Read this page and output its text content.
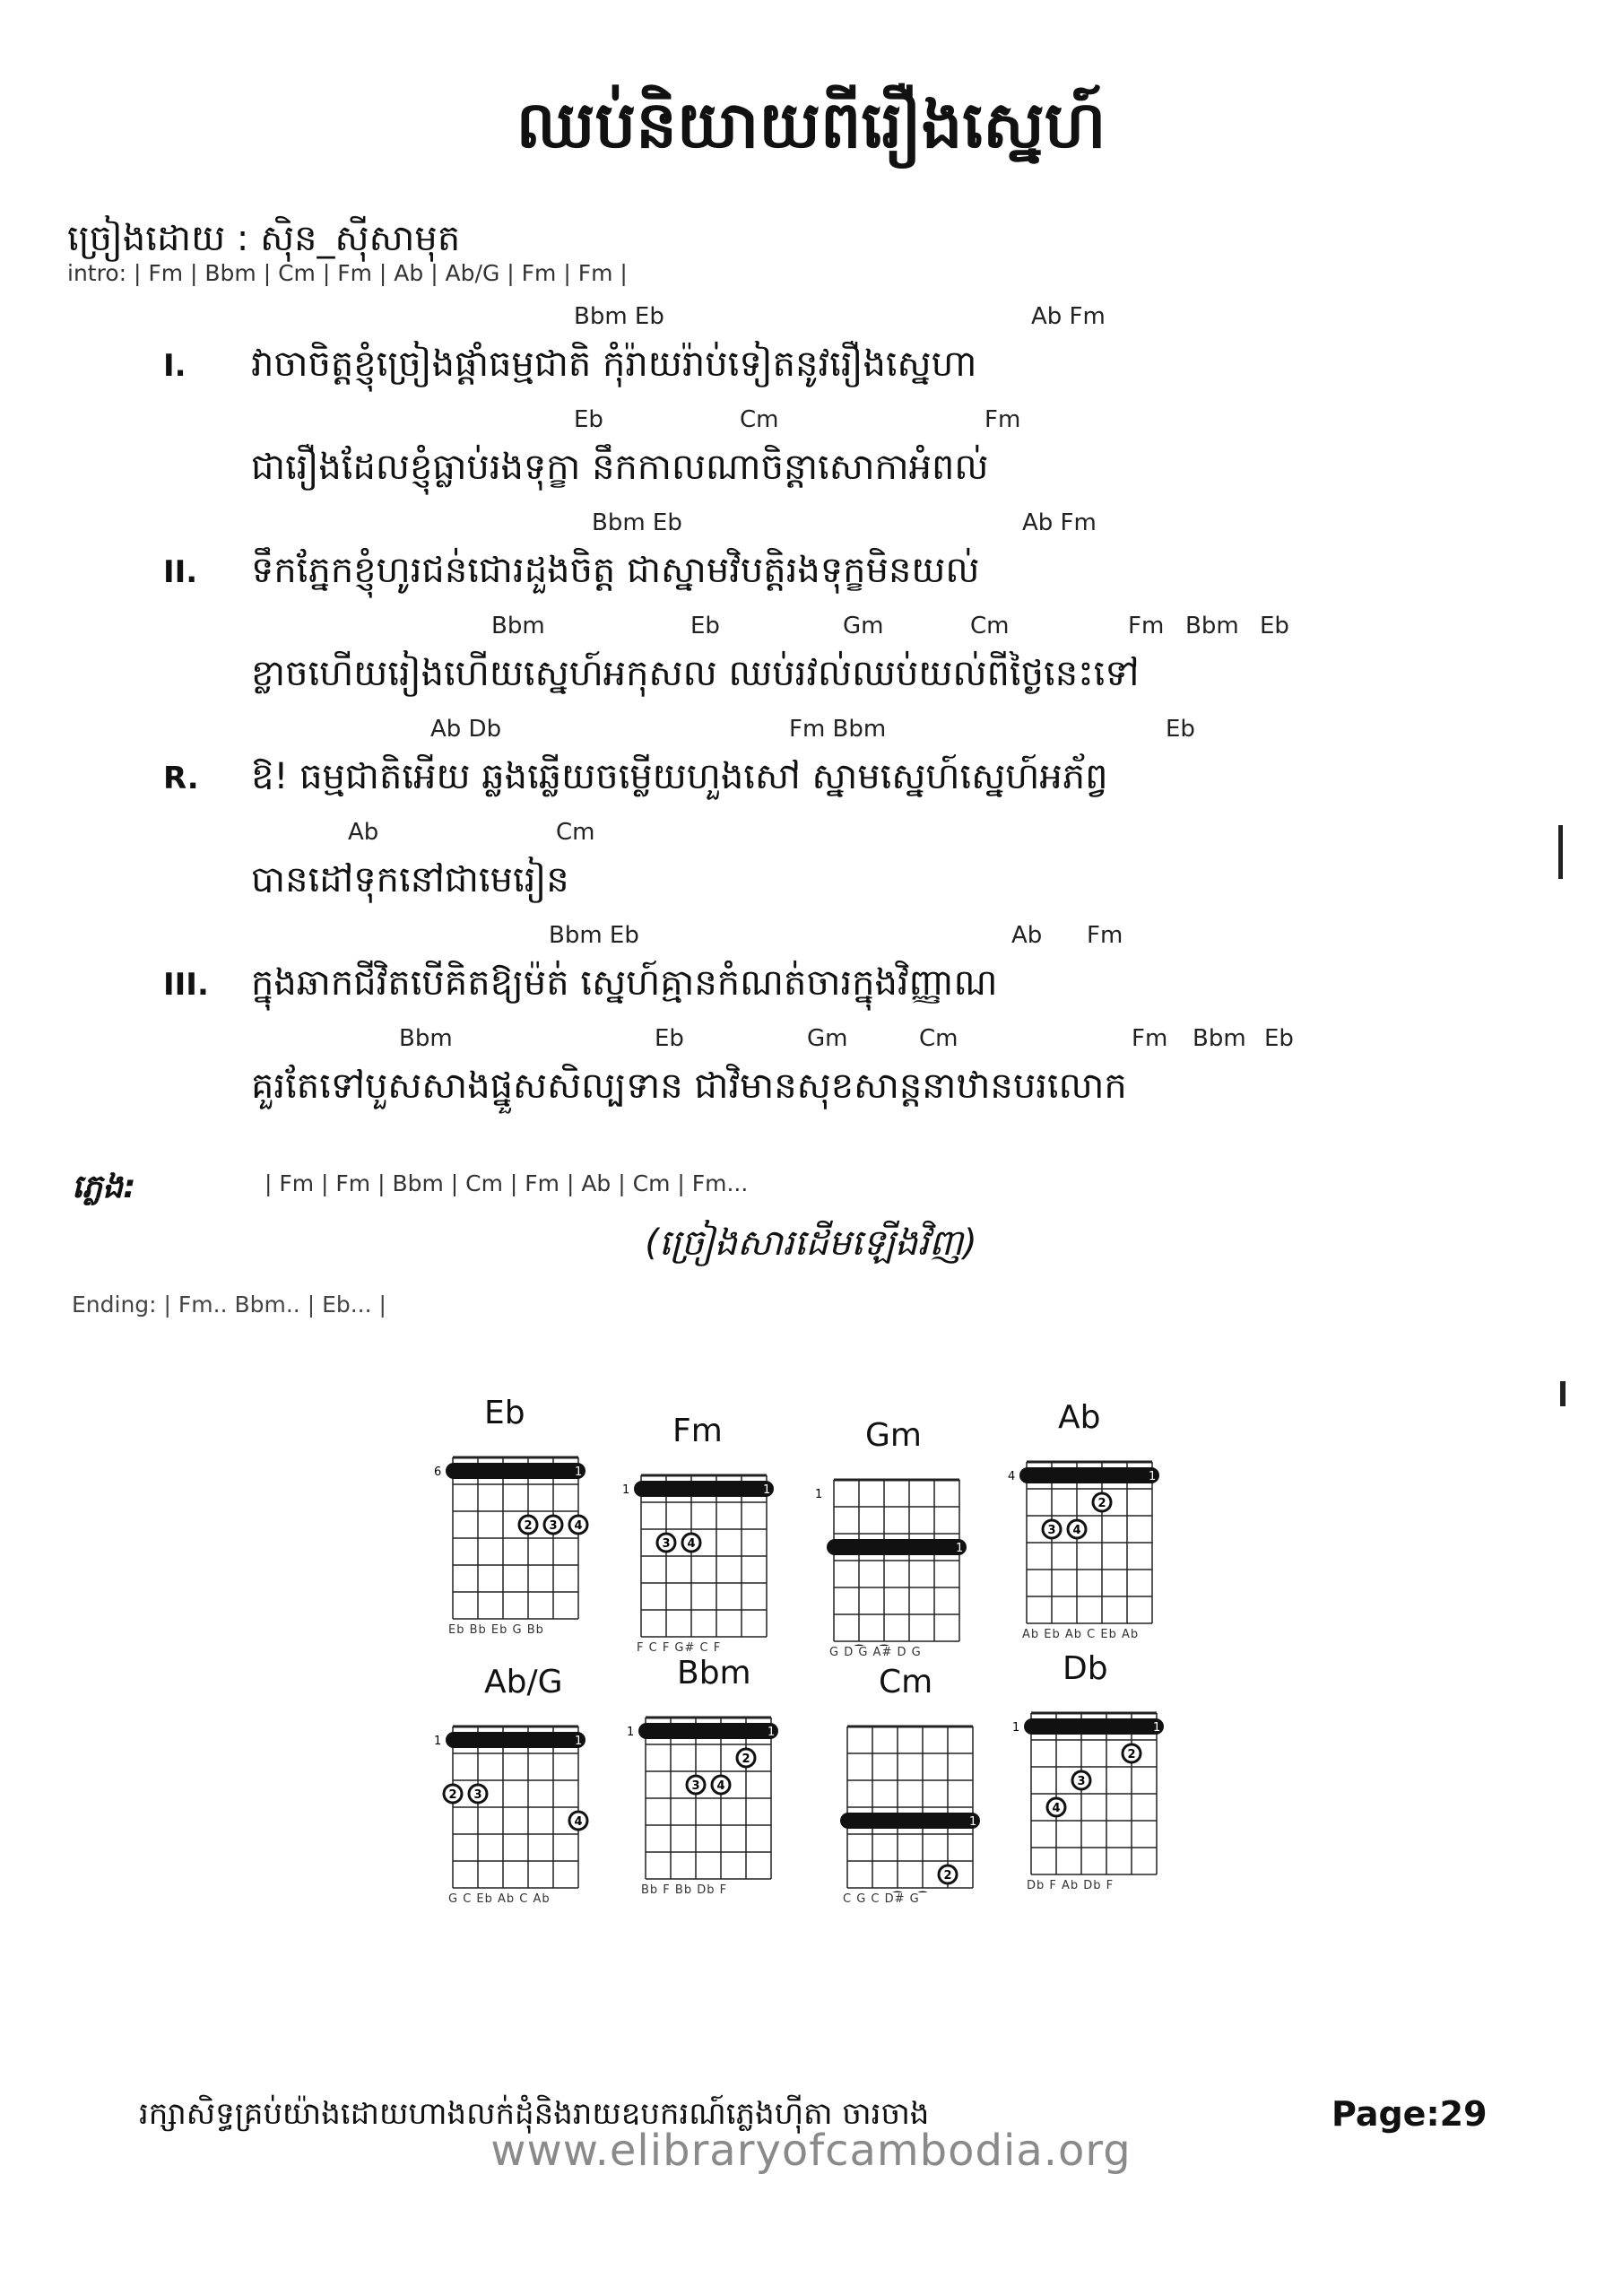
ឈប់និយាយពីរឿងស្នេហ៍
ច្រៀងដោយ : ស៊ិន_ស៊ីសាមុត
intro: | Fm | Bbm | Cm | Fm | Ab | Ab/G | Fm | Fm |
I.
Bbm Eb	Ab Fm
វាចាចិត្តខ្ញុំច្រៀងផ្ដាំធម្មជាតិ កុំរ៉ាយរ៉ាប់ទៀតនូវរឿងស្នេហា
Eb	Cm	Fm
ជារឿងដែលខ្ញុំធ្លាប់រងទុក្ខា នឹកកាលណាចិន្ដាសោកាអំពល់
II.
Bbm Eb	Ab Fm
ទឹកភ្នែកខ្ញុំហូរជន់ជោរដួងចិត្ត ជាស្នាមវិបត្តិរងទុក្ខមិនយល់
Bbm	Eb	Gm	Cm	Fm Bbm Eb
ខ្លាចហើយរៀងហើយស្នេហ៍អកុសល ឈប់រវល់ឈប់យល់ពីថ្ងៃនេះទៅ
R.
Ab Db	Fm Bbm	Eb
ឱ! ធម្មជាតិអើយ ឆ្លងឆ្លើយចម្លើយហួងសៅ ស្នាមស្នេហ៍ស្នេហ៍អភ័ព្វ
Ab	Cm
បានដៅទុកនៅជាមេរៀន
III.
Bbm Eb	Ab Fm
ក្នុងឆាកជីវិតបើគិតឱ្យម៉ត់ ស្នេហ៍គ្មានកំណត់ចារក្នុងវិញ្ញាណ
Bbm	Eb	Gm	Cm	Fm Bbm Eb
គួរតែទៅបួសសាងផ្នួសសិល្បទាន ជាវិមានសុខសាន្តនាឋានបរលោក
ភ្លេង:	| Fm | Fm | Bbm | Cm | Fm | Ab | Cm | Fm...
(ច្រៀងសារដើមឡើងវិញ)
Ending: | Fm.. Bbm.. | Eb... |
Eb
6	1
2 3 4
Eb Bb Eb G Bb
Fm
1	1
3 4
F C F G# C F
Gm
1
1
G D G A# D G
Ab
4	1
2
3 4
Ab Eb Ab C Eb Ab
Ab/G
1	1
2 3
4
G C Eb Ab C Ab
Bbm
1	1
2
3 4
Bb F Bb Db F
Cm
1
2
C G C D# G
Db
1	1
2
3
4
Db F Ab Db F
រក្សាសិទ្ធគ្រប់យ៉ាងដោយហាងលក់ដុំនិងរាយឧបករណ៍ភ្លេងហ៊ីតា ចារចាង	Page:29
www.elibraryofcambodia.org
